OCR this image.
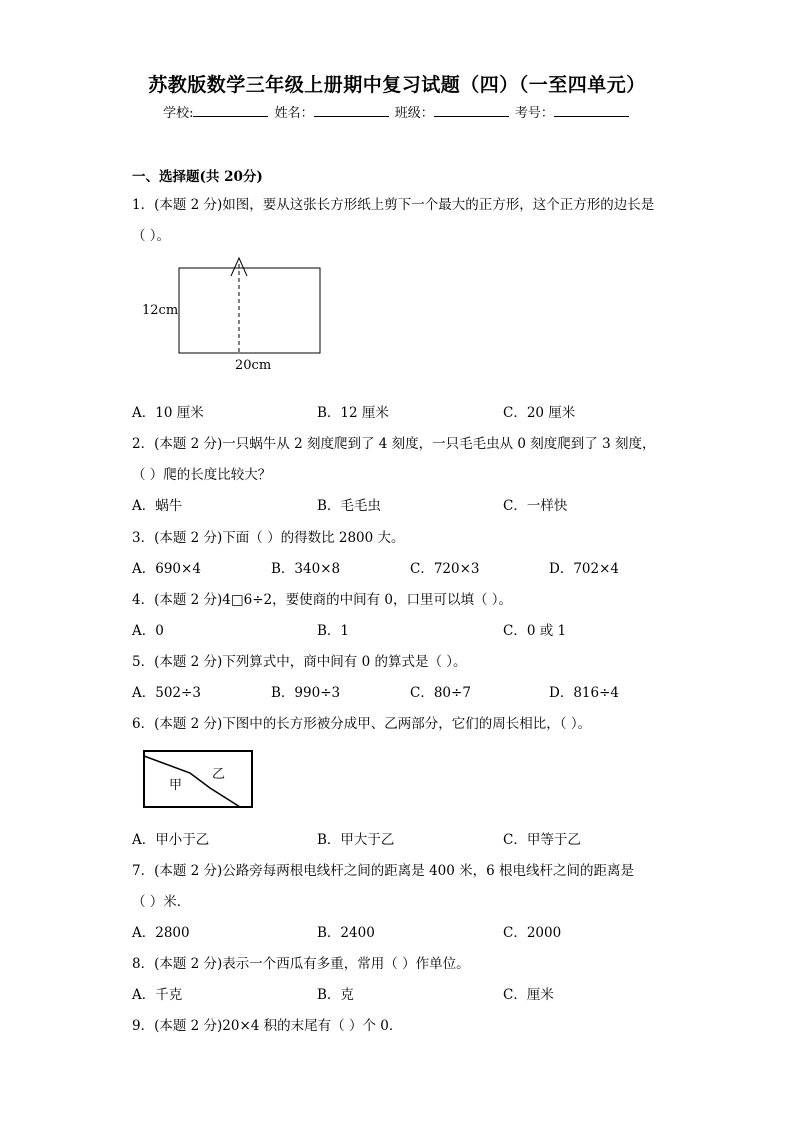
苏教版数学三年级上册期中复习试题（四）（一至四单元）
学校:	姓名：	班级：	考号：
一、选择题(共 20分)
1．(本题 2 分)如图，要从这张长方形纸上剪下一个最大的正方形，这个正方形的边长是
（ ）。
12cm
20cm
A．10 厘米	B．12 厘米	C．20 厘米
2．(本题 2 分)一只蜗牛从 2 刻度爬到了 4 刻度，一只毛毛虫从 0 刻度爬到了 3 刻度，
（ ）爬的长度比较大？
A．蜗牛	B．毛毛虫	C．一样快
3．(本题 2 分)下面（ ）的得数比 2800 大。
A．690×4	B．340×8	C．720×3	D．702×4
4．(本题 2 分)4□6÷2，要使商的中间有 0，口里可以填（ ）。
A．0	B．1	C．0 或 1
5．(本题 2 分)下列算式中，商中间有 0 的算式是（ ）。
A．502÷3	B．990÷3	C．80÷7	D．816÷4
6．(本题 2 分)下图中的长方形被分成甲、乙两部分，它们的周长相比，（ ）。
甲
乙
A．甲小于乙	B．甲大于乙	C．甲等于乙
7．(本题 2 分)公路旁每两根电线杆之间的距离是 400 米，6 根电线杆之间的距离是
（ ）米．
A．2800	B．2400	C．2000
8．(本题 2 分)表示一个西瓜有多重，常用（ ）作单位。
A．千克	B．克	C．厘米
9．(本题 2 分)20×4 积的末尾有（ ）个 0．
